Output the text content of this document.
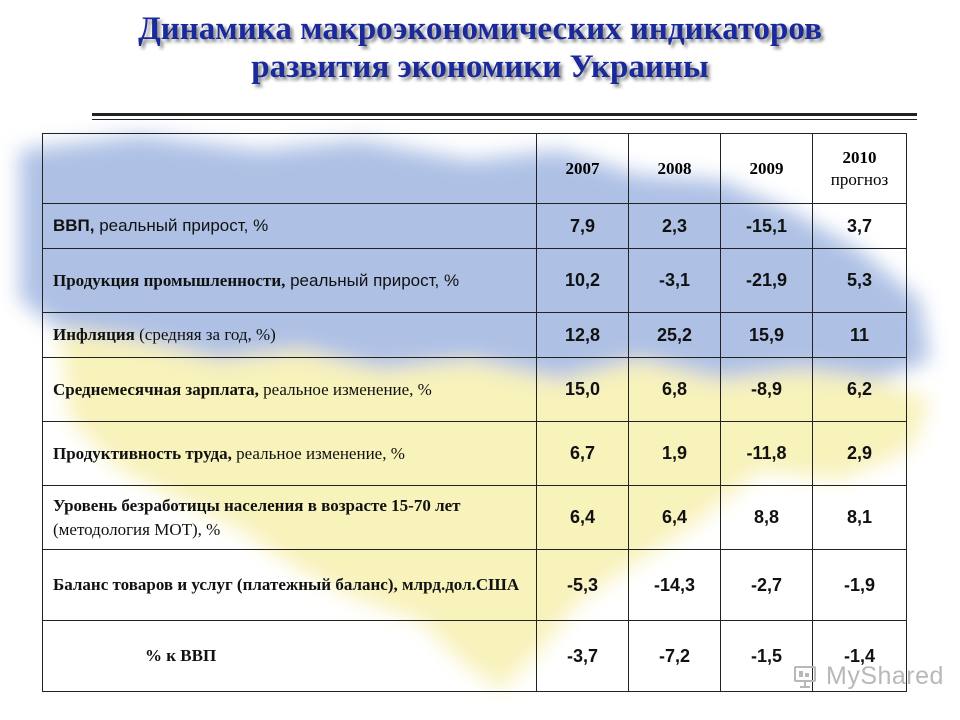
Динамика макроэкономических индикаторов
развития экономики Украины
	2007	2008	2009	2010
прогноз

ВВП, реальный прирост, %	7,9	2,3	-15,1	3,7
Продукция промышленности, реальный прирост, %	10,2	-3,1	-21,9	5,3
Инфляция (средняя за год, %)	12,8	25,2	15,9	11
Среднемесячная зарплата, реальное изменение, %	15,0	6,8	-8,9	6,2
Продуктивность труда, реальное изменение, %	6,7	1,9	-11,8	2,9
Уровень безработицы населения в возрасте 15-70 лет (методология МОТ), %	6,4	6,4	8,8	8,1
Баланс товаров и услуг (платежный баланс), млрд.дол.США	-5,3	-14,3	-2,7	-1,9
% к ВВП	-3,7	-7,2	-1,5	-1,4
MyShared
